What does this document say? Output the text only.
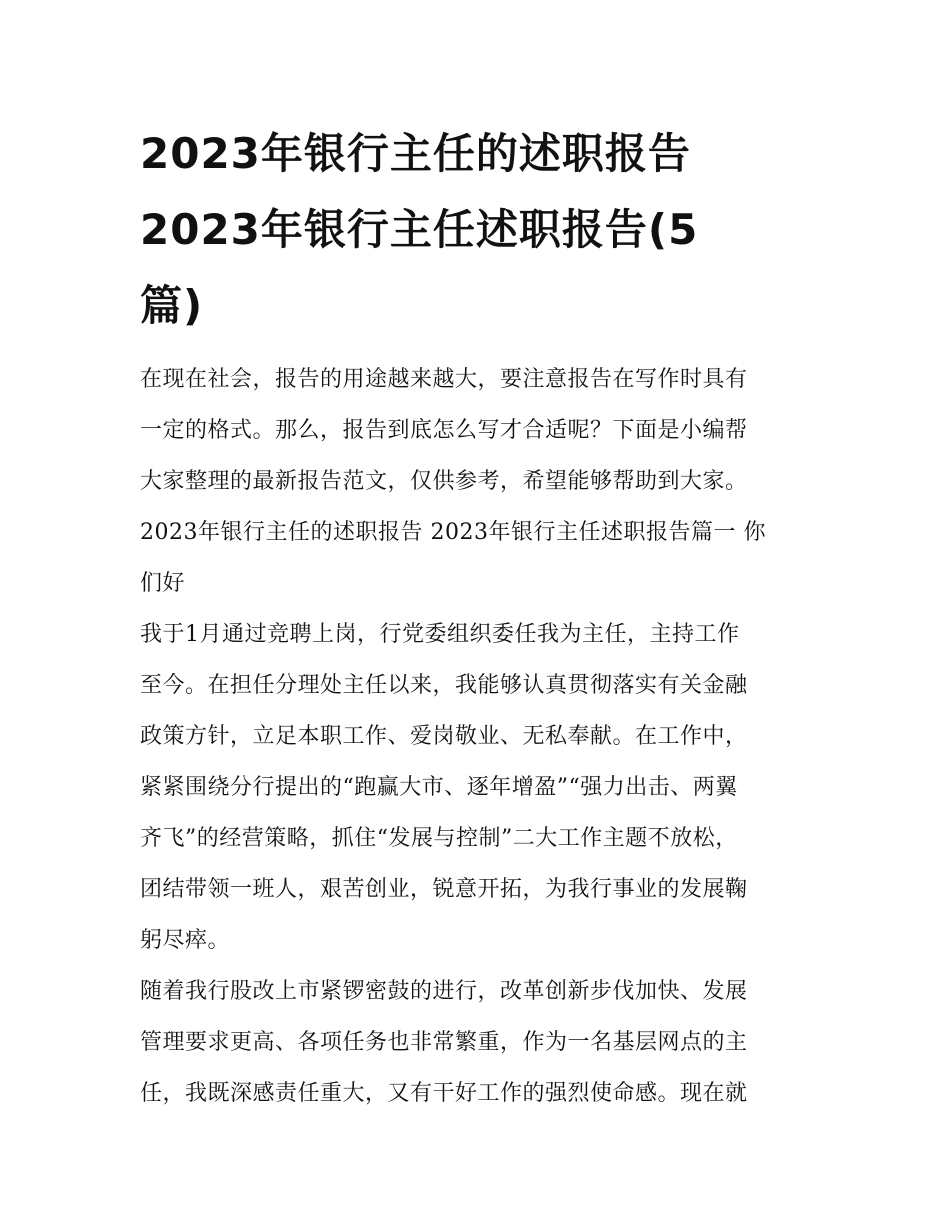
2023年银行主任的述职报告
2023年银行主任述职报告(5
篇)

在现在社会，报告的用途越来越大，要注意报告在写作时具有
一定的格式。那么，报告到底怎么写才合适呢？下面是小编帮
大家整理的最新报告范文，仅供参考，希望能够帮助到大家。

2023年银行主任的述职报告 2023年银行主任述职报告篇一 你
们好

我于1月通过竞聘上岗，行党委组织委任我为主任，主持工作
至今。在担任分理处主任以来，我能够认真贯彻落实有关金融
政策方针，立足本职工作、爱岗敬业、无私奉献。在工作中，
紧紧围绕分行提出的“跑赢大市、逐年增盈”“强力出击、两翼
齐飞”的经营策略，抓住“发展与控制”二大工作主题不放松，
团结带领一班人，艰苦创业，锐意开拓，为我行事业的发展鞠
躬尽瘁。

随着我行股改上市紧锣密鼓的进行，改革创新步伐加快、发展
管理要求更高、各项任务也非常繁重，作为一名基层网点的主
任，我既深感责任重大，又有干好工作的强烈使命感。现在就
